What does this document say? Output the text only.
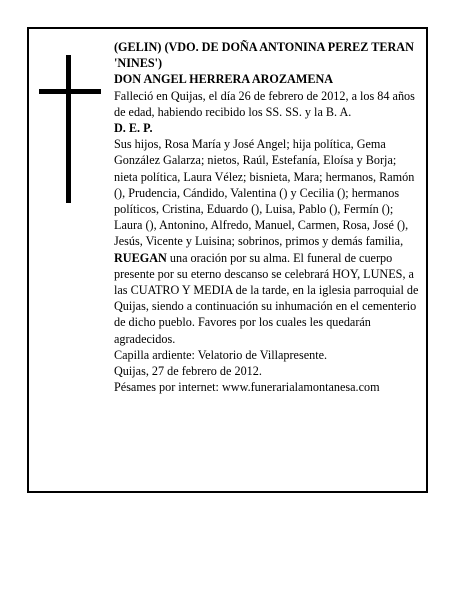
(GELIN) (VDO. DE DOÑA ANTONINA PEREZ TERAN 'NINES')

DON ANGEL HERRERA AROZAMENA

Falleció en Quijas, el día 26 de febrero de 2012, a los 84 años de edad, habiendo recibido los SS. SS. y la B. A.

D. E. P.

Sus hijos, Rosa María y José Angel; hija política, Gema González Galarza; nietos, Raúl, Estefanía, Eloísa y Borja; nieta política, Laura Vélez; bisnieta, Mara; hermanos, Ramón (), Prudencia, Cándido, Valentina () y Cecilia (); hermanos políticos, Cristina, Eduardo (), Luisa, Pablo (), Fermín (); Laura (), Antonino, Alfredo, Manuel, Carmen, Rosa, José (), Jesús, Vicente y Luisina; sobrinos, primos y demás familia,

RUEGAN una oración por su alma. El funeral de cuerpo presente por su eterno descanso se celebrará HOY, LUNES, a las CUATRO Y MEDIA de la tarde, en la iglesia parroquial de Quijas, siendo a continuación su inhumación en el cementerio de dicho pueblo. Favores por los cuales les quedarán agradecidos.

Capilla ardiente: Velatorio de Villapresente.

Quijas, 27 de febrero de 2012.

Pésames por internet: www.funerarialamontanesa.com
